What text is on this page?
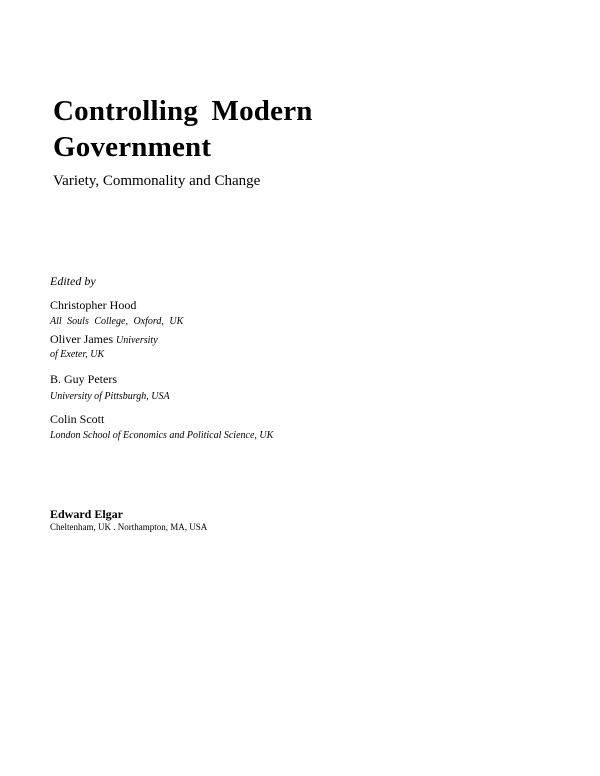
Controlling Modern
Government
Variety, Commonality and Change
Edited by
Christopher Hood
All Souls College, Oxford, UK
Oliver James University
of Exeter, UK
B. Guy Peters
University of Pittsburgh, USA
Colin Scott
London School of Economics and Political Science, UK
Edward Elgar
Cheltenham, UK . Northampton, MA, USA
